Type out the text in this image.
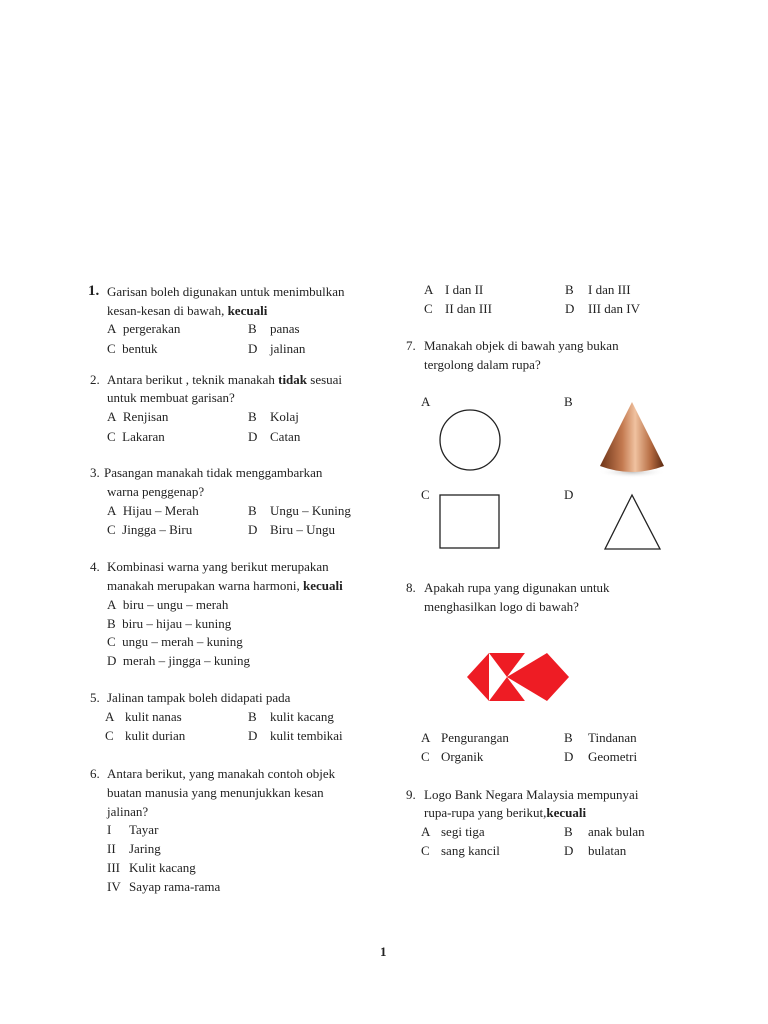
1. Garisan boleh digunakan untuk menimbulkan
kesan-kesan di bawah, kecuali
A pergerakan	B panas
C bentuk	D jalinan
2. Antara berikut , teknik manakah tidak sesuai
untuk membuat garisan?
A Renjisan	B Kolaj
C Lakaran	D Catan
3. Pasangan manakah tidak menggambarkan
warna penggenap?
A Hijau – Merah	B Ungu – Kuning
C Jingga – Biru	D Biru – Ungu
4. Kombinasi warna yang berikut merupakan
manakah merupakan warna harmoni, kecuali
A biru – ungu – merah
B biru – hijau – kuning
C ungu – merah – kuning
D merah – jingga – kuning
5. Jalinan tampak boleh didapati pada
A kulit nanas	B kulit kacang
C kulit durian	D kulit tembikai
6. Antara berikut, yang manakah contoh objek
buatan manusia yang menunjukkan kesan
jalinan?
I Tayar
II Jaring
III Kulit kacang
IV Sayap rama-rama
A I dan II	B I dan III
C II dan III	D III dan IV
7. Manakah objek di bawah yang bukan
tergolong dalam rupa?
A	B
C	D
8. Apakah rupa yang digunakan untuk
menghasilkan logo di bawah?
A Pengurangan	B Tindanan
C Organik	D Geometri
9. Logo Bank Negara Malaysia mempunyai
rupa-rupa yang berikut,kecuali
A segi tiga	B anak bulan
C sang kancil	D bulatan
1
